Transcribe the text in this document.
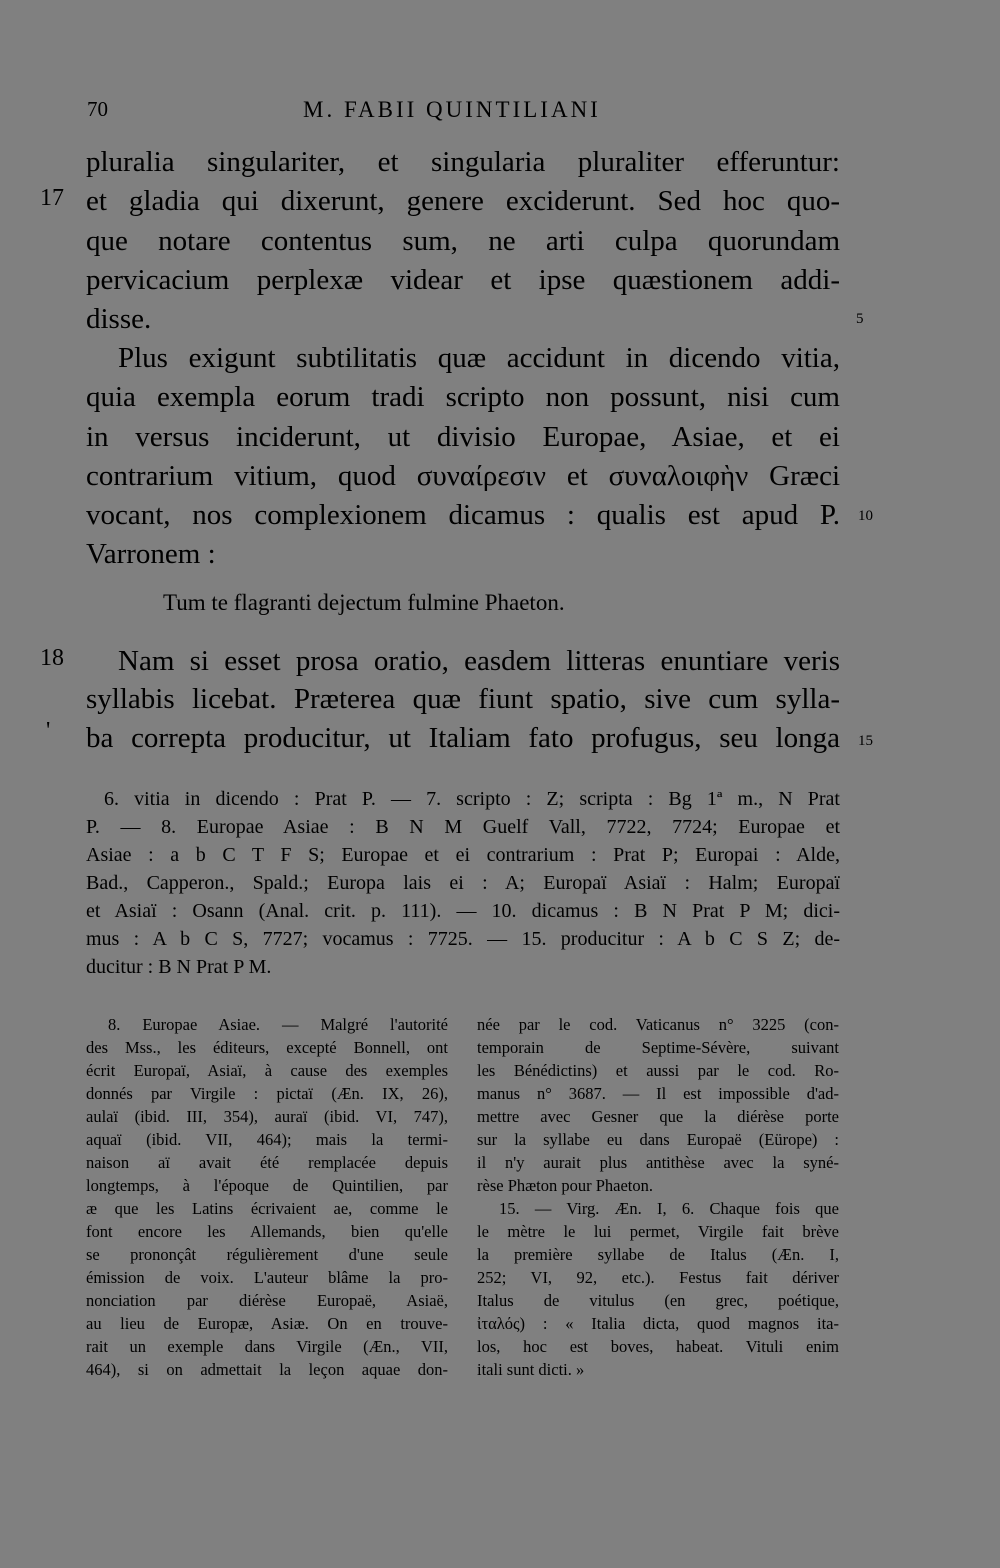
70	M. FABII QUINTILIANI
17
18
'
5
10
15
pluralia singulariter, et singularia pluraliter efferuntur:
et gladia qui dixerunt, genere exciderunt. Sed hoc quo-
que notare contentus sum, ne arti culpa quorundam
pervicacium perplexæ videar et ipse quæstionem addi-
disse.
Plus exigunt subtilitatis quæ accidunt in dicendo vitia,
quia exempla eorum tradi scripto non possunt, nisi cum
in versus inciderunt, ut divisio Europae, Asiae, et ei
contrarium vitium, quod συναίρεσιν et συναλοιφὴν Græci
vocant, nos complexionem dicamus : qualis est apud P.
Varronem :
Nam si esset prosa oratio, easdem litteras enuntiare veris
syllabis licebat. Præterea quæ fiunt spatio, sive cum sylla-
ba correpta producitur, ut Italiam fato profugus, seu longa
Tum te flagranti dejectum fulmine Phaeton.
6. vitia in dicendo : Prat P. — 7. scripto : Z; scripta : Bg 1ª m., N Prat
P. — 8. Europae Asiae : B N M Guelf Vall, 7722, 7724; Europae et
Asiae : a b C T F S; Europae et ei contrarium : Prat P; Europai : Alde,
Bad., Capperon., Spald.; Europa lais ei : A; Europaï Asiaï : Halm; Europaï
et Asiaï : Osann (Anal. crit. p. 111). — 10. dicamus : B N Prat P M; dici-
mus : A b C S, 7727; vocamus : 7725. — 15. producitur : A b C S Z; de-
ducitur : B N Prat P M.
8. Europae Asiae. — Malgré l'autorité
des Mss., les éditeurs, excepté Bonnell, ont
écrit Europaï, Asiaï, à cause des exemples
donnés par Virgile : pictaï (Æn. IX, 26),
aulaï (ibid. III, 354), auraï (ibid. VI, 747),
aquaï (ibid. VII, 464); mais la termi-
naison aï avait été remplacée depuis
longtemps, à l'époque de Quintilien, par
æ que les Latins écrivaient ae, comme le
font encore les Allemands, bien qu'elle
se prononçât régulièrement d'une seule
émission de voix. L'auteur blâme la pro-
nonciation par diérèse Europaë, Asiaë,
au lieu de Europæ, Asiæ. On en trouve-
rait un exemple dans Virgile (Æn., VII,
464), si on admettait la leçon aquae don-
née par le cod. Vaticanus n° 3225 (con-
temporain de Septime-Sévère, suivant
les Bénédictins) et aussi par le cod. Ro-
manus n° 3687. — Il est impossible d'ad-
mettre avec Gesner que la diérèse porte
sur la syllabe eu dans Europaë (Eürope) :
il n'y aurait plus antithèse avec la syné-
rèse Phæton pour Phaeton.
15. — Virg. Æn. I, 6. Chaque fois que
le mètre le lui permet, Virgile fait brève
la première syllabe de Italus (Æn. I,
252; VI, 92, etc.). Festus fait dériver
Italus de vitulus (en grec, poétique,
ἰταλός) : « Italia dicta, quod magnos ita-
los, hoc est boves, habeat. Vituli enim
itali sunt dicti. »
